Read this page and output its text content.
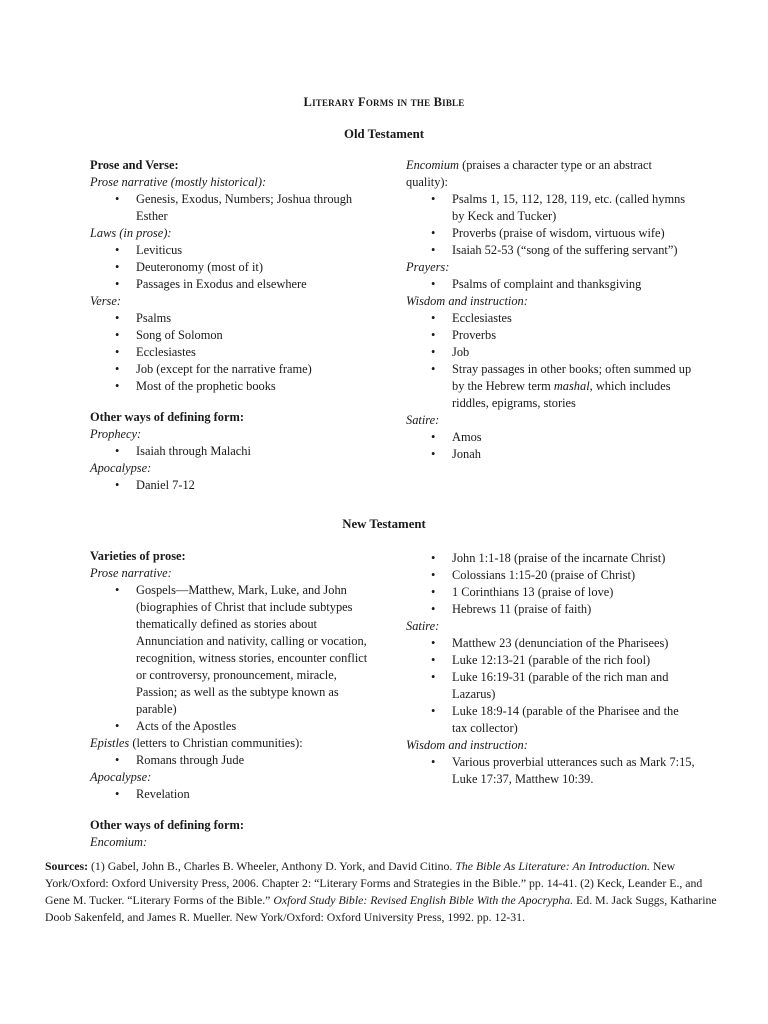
Literary Forms in the Bible
Old Testament
Prose and Verse:
Prose narrative (mostly historical):
• Genesis, Exodus, Numbers; Joshua through Esther
Laws (in prose):
• Leviticus
• Deuteronomy (most of it)
• Passages in Exodus and elsewhere
Verse:
• Psalms
• Song of Solomon
• Ecclesiastes
• Job (except for the narrative frame)
• Most of the prophetic books
Other ways of defining form:
Prophecy:
• Isaiah through Malachi
Apocalypse:
• Daniel 7-12
Encomium (praises a character type or an abstract quality):
• Psalms 1, 15, 112, 128, 119, etc. (called hymns by Keck and Tucker)
• Proverbs (praise of wisdom, virtuous wife)
• Isaiah 52-53 (“song of the suffering servant”)
Prayers:
• Psalms of complaint and thanksgiving
Wisdom and instruction:
• Ecclesiastes
• Proverbs
• Job
• Stray passages in other books; often summed up by the Hebrew term mashal, which includes riddles, epigrams, stories
Satire:
• Amos
• Jonah
New Testament
Varieties of prose:
Prose narrative:
• Gospels—Matthew, Mark, Luke, and John (biographies of Christ that include subtypes thematically defined as stories about Annunciation and nativity, calling or vocation, recognition, witness stories, encounter conflict or controversy, pronouncement, miracle, Passion; as well as the subtype known as parable)
• Acts of the Apostles
Epistles (letters to Christian communities):
• Romans through Jude
Apocalypse:
• Revelation
Other ways of defining form:
Encomium:
• John 1:1-18 (praise of the incarnate Christ)
• Colossians 1:15-20 (praise of Christ)
• 1 Corinthians 13 (praise of love)
• Hebrews 11 (praise of faith)
Satire:
• Matthew 23 (denunciation of the Pharisees)
• Luke 12:13-21 (parable of the rich fool)
• Luke 16:19-31 (parable of the rich man and Lazarus)
• Luke 18:9-14 (parable of the Pharisee and the tax collector)
Wisdom and instruction:
• Various proverbial utterances such as Mark 7:15, Luke 17:37, Matthew 10:39.
Sources: (1) Gabel, John B., Charles B. Wheeler, Anthony D. York, and David Citino. The Bible As Literature: An Introduction. New York/Oxford: Oxford University Press, 2006. Chapter 2: “Literary Forms and Strategies in the Bible.” pp. 14-41. (2) Keck, Leander E., and Gene M. Tucker. “Literary Forms of the Bible.” Oxford Study Bible: Revised English Bible With the Apocrypha. Ed. M. Jack Suggs, Katharine Doob Sakenfeld, and James R. Mueller. New York/Oxford: Oxford University Press, 1992. pp. 12-31.
